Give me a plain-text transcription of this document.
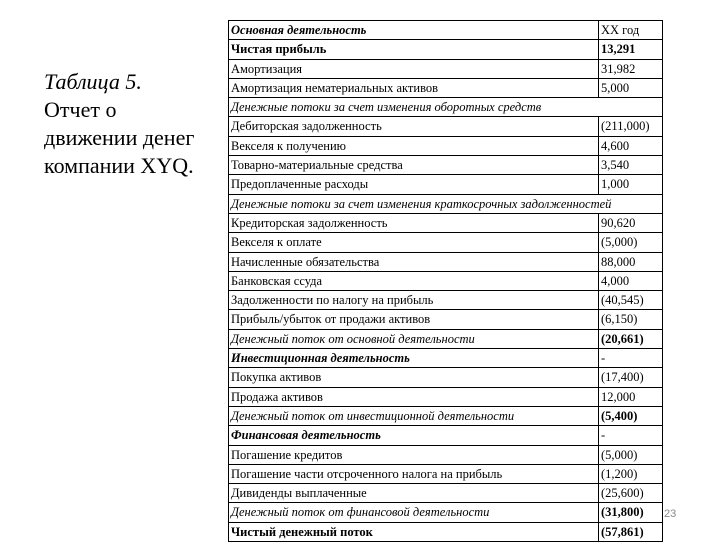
Таблица 5.
Отчет о
движении денег
компании XYQ.
Основная деятельность	XX год
Чистая прибыль	13,291
Амортизация	31,982
Амортизация нематериальных активов	5,000
Денежные потоки за счет изменения оборотных средств	
Дебиторская задолженность	(211,000)
Векселя к получению	4,600
Товарно-материальные средства	3,540
Предоплаченные расходы	1,000
Денежные потоки за счет изменения краткосрочных задолженностей	
Кредиторская задолженность	90,620
Векселя к оплате	(5,000)
Начисленные обязательства	88,000
Банковская ссуда	4,000
Задолженности по налогу на прибыль	(40,545)
Прибыль/убыток от продажи активов	(6,150)
Денежный поток от основной деятельности	(20,661)
Инвестиционная деятельность	-
Покупка активов	(17,400)
Продажа активов	12,000
Денежный поток от инвестиционной деятельности	(5,400)
Финансовая деятельность	-
Погашение кредитов	(5,000)
Погашение части отсроченного налога на прибыль	(1,200)
Дивиденды выплаченные	(25,600)
Денежный поток от финансовой деятельности	(31,800)
Чистый денежный поток	(57,861)
23
